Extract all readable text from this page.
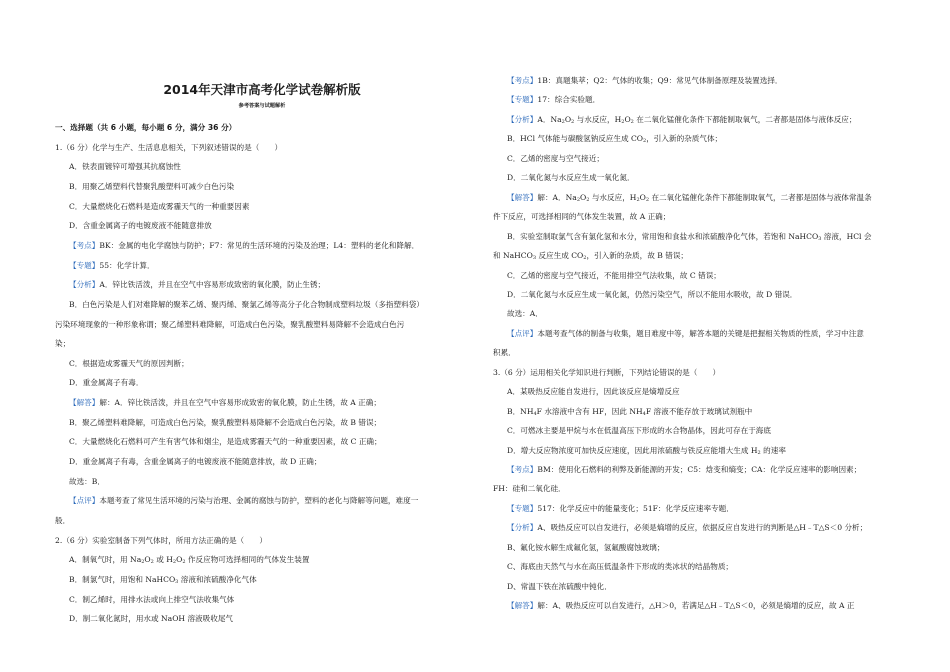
2014年天津市高考化学试卷解析版
参考答案与试题解析
一、选择题（共 6 小题，每小题 6 分，满分 36 分）
1.（6 分）化学与生产、生活息息相关，下列叙述错误的是（　　）
A．铁表面镀锌可增强其抗腐蚀性
B．用聚乙烯塑料代替聚乳酸塑料可减少白色污染
C．大量燃烧化石燃料是造成雾霾天气的一种重要因素
D．含重金属离子的电镀废液不能随意排放
【考点】BK：金属的电化学腐蚀与防护；F7：常见的生活环境的污染及治理；L4：塑料的老化和降解．
【专题】55：化学计算．
【分析】A．锌比铁活泼，并且在空气中容易形成致密的氧化膜，防止生锈；
B．白色污染是人们对难降解的聚苯乙烯、聚丙烯、聚氯乙烯等高分子化合物制成塑料垃圾（多指塑料袋）
污染环境现象的一种形象称谓；聚乙烯塑料难降解，可造成白色污染，聚乳酸塑料易降解不会造成白色污
染；
C．根据造成雾霾天气的原因判断；
D．重金属离子有毒．
【解答】解：A．锌比铁活泼，并且在空气中容易形成致密的氧化膜，防止生锈，故 A 正确；
B．聚乙烯塑料难降解，可造成白色污染，聚乳酸塑料易降解不会造成白色污染，故 B 错误；
C．大量燃烧化石燃料可产生有害气体和烟尘，是造成雾霾天气的一种重要因素，故 C 正确；
D．重金属离子有毒，含重金属离子的电镀废液不能随意排放，故 D 正确；
故选：B．
【点评】本题考查了常见生活环境的污染与治理、金属的腐蚀与防护，塑料的老化与降解等问题，难度一
般．
2.（6 分）实验室制备下列气体时，所用方法正确的是（　　）
A．制氧气时，用 $Na_2O_2$ 或 $H_2O_2$ 作反应物可选择相同的气体发生装置
B．制氯气时，用饱和 NaHCO$_3$ 溶液和浓硫酸净化气体
C．制乙烯时，用排水法或向上排空气法收集气体
D．制二氧化氮时，用水或 NaOH 溶液吸收尾气
【考点】1B：真题集萃；Q2：气体的收集；Q9：常见气体制备原理及装置选择．
【专题】17：综合实验题．
【分析】A．$Na_2O_2$ 与水反应，$H_2O_2$ 在二氧化锰催化条件下都能制取氧气，二者都是固体与液体反应；
B．HCl 气体能与碳酸氢钠反应生成 $CO_2$，引入新的杂质气体；
C．乙烯的密度与空气接近；
D．二氧化氮与水反应生成一氧化氮．
【解答】解：A．$Na_2O_2$ 与水反应，$H_2O_2$ 在二氧化锰催化条件下都能制取氧气，二者都是固体与液体常温条
件下反应，可选择相同的气体发生装置，故 A 正确；
B．实验室制取氯气含有氯化氢和水分，常用饱和食盐水和浓硫酸净化气体，若饱和 NaHCO$_3$ 溶液，HCl 会
和 NaHCO$_3$ 反应生成 $CO_2$，引入新的杂质，故 B 错误；
C．乙烯的密度与空气接近，不能用排空气法收集，故 C 错误；
D．二氧化氮与水反应生成一氧化氮，仍然污染空气，所以不能用水吸收，故 D 错误．
故选：A．
【点评】本题考查气体的制备与收集，题目难度中等，解答本题的关键是把握相关物质的性质，学习中注意
积累．
3.（6 分）运用相关化学知识进行判断，下列结论错误的是（　　）
A．某吸热反应能自发进行，因此该反应是熵增反应
B．$NH_4F$ 水溶液中含有 HF，因此 $NH_4F$ 溶液不能存放于玻璃试剂瓶中
C．可燃冰主要是甲烷与水在低温高压下形成的水合物晶体，因此可存在于海底
D．增大反应物浓度可加快反应速度，因此用浓硫酸与铁反应能增大生成 $H_2$ 的速率
【考点】BM：使用化石燃料的利弊及新能源的开发；C5：焓变和熵变；CA：化学反应速率的影响因素；
FH：硅和二氧化硅．
【专题】517：化学反应中的能量变化；51F：化学反应速率专题．
【分析】A、吸热反应可以自发进行，必须是熵增的反应，依据反应自发进行的判断是△H﹣T△S＜0 分析；
B、氟化铵水解生成氟化氢，氢氟酸腐蚀玻璃；
C、海底由天然气与水在高压低温条件下形成的类冰状的结晶物质；
D、常温下铁在浓硫酸中钝化．
【解答】解：A、吸热反应可以自发进行，△H＞0，若满足△H﹣T△S＜0，必须是熵增的反应，故 A 正
